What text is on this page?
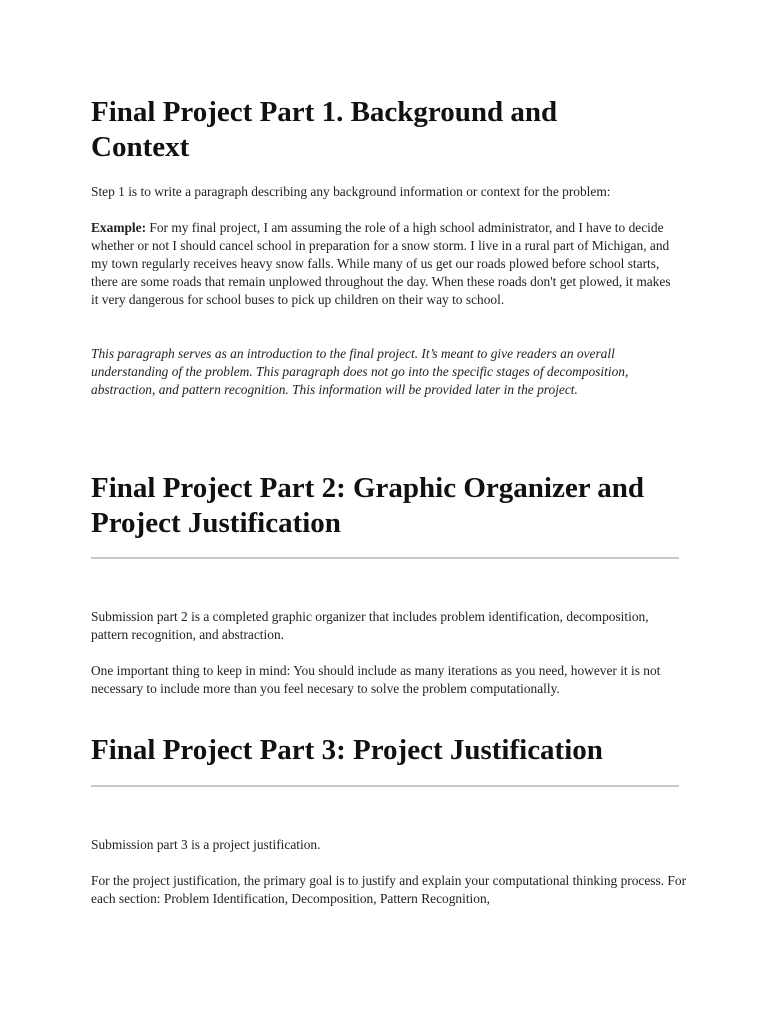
Final Project Part 1. Background and Context

Step 1 is to write a paragraph describing any background information or context for the problem:

Example: For my final project, I am assuming the role of a high school administrator, and I have to decide whether or not I should cancel school in preparation for a snow storm. I live in a rural part of Michigan, and my town regularly receives heavy snow falls. While many of us get our roads plowed before school starts, there are some roads that remain unplowed throughout the day. When these roads don't get plowed, it makes it very dangerous for school buses to pick up children on their way to school.

This paragraph serves as an introduction to the final project. It’s meant to give readers an overall understanding of the problem. This paragraph does not go into the specific stages of decomposition, abstraction, and pattern recognition. This information will be provided later in the project.

Final Project Part 2: Graphic Organizer and Project Justification

Submission part 2 is a completed graphic organizer that includes problem identification, decomposition, pattern recognition, and abstraction.

One important thing to keep in mind: You should include as many iterations as you need, however it is not necessary to include more than you feel necesary to solve the problem computationally.

Final Project Part 3: Project Justification

Submission part 3 is a project justification.

For the project justification, the primary goal is to justify and explain your computational thinking process. For each section: Problem Identification, Decomposition, Pattern Recognition,
